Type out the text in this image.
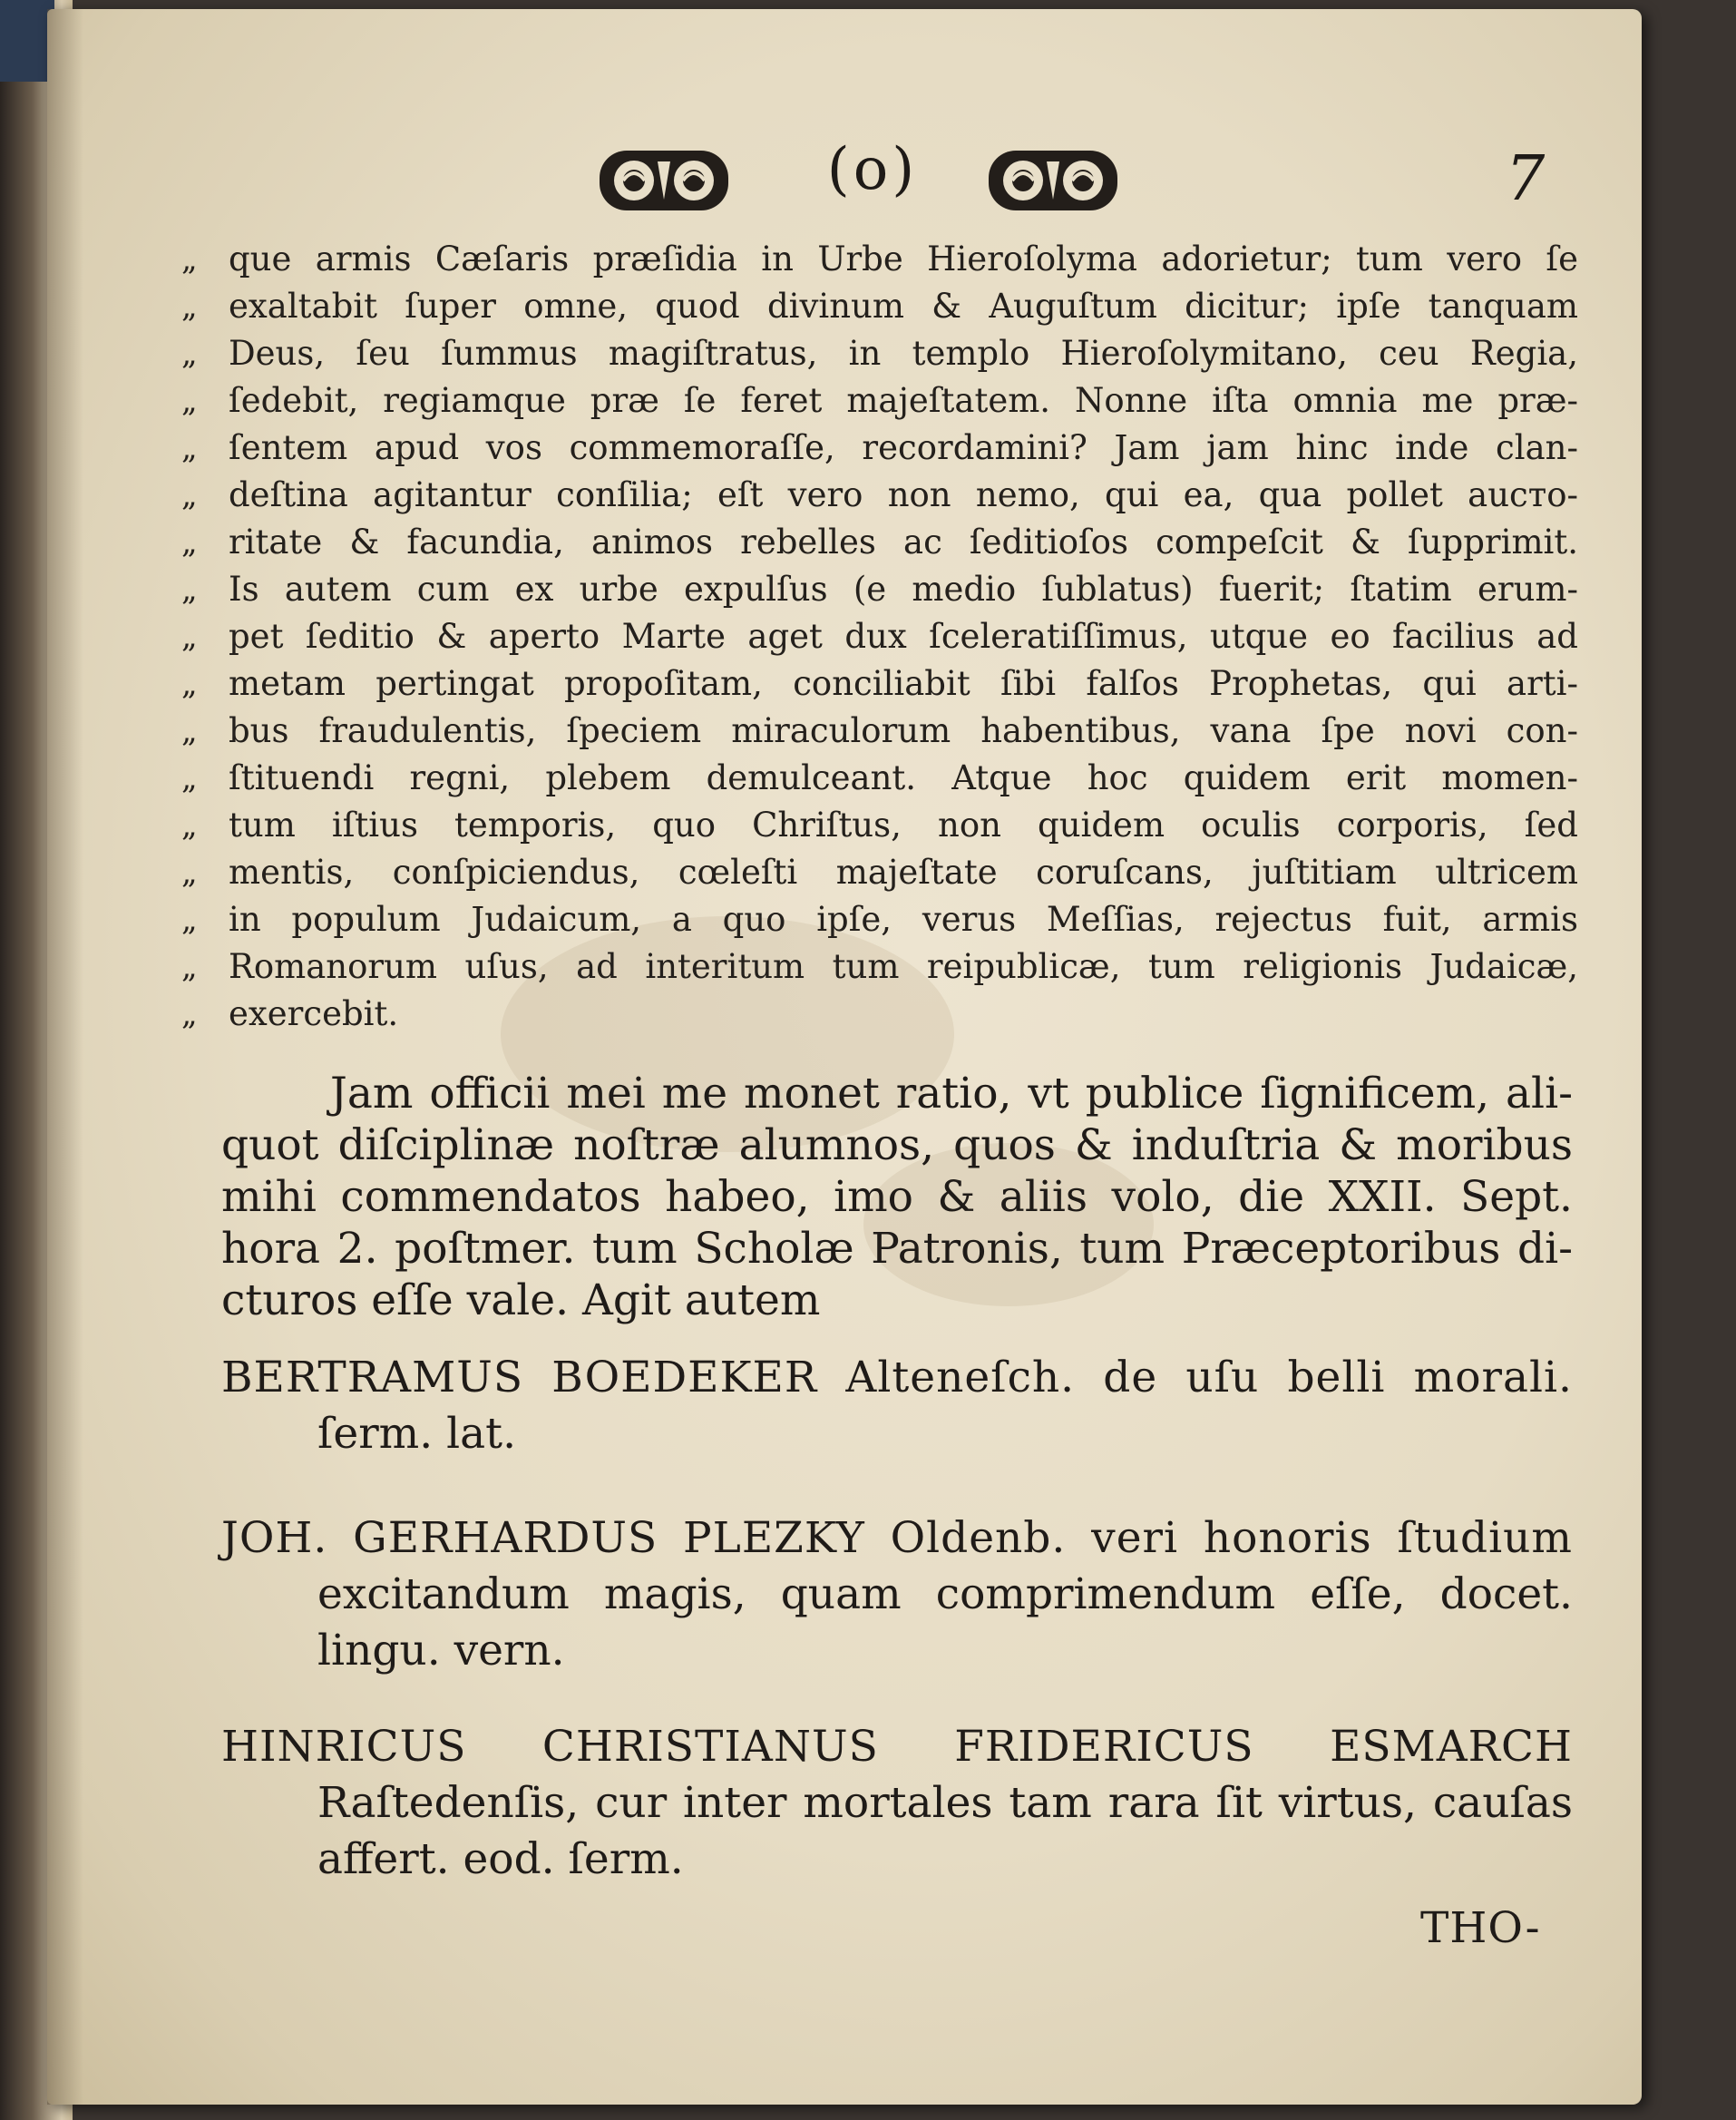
(o)	7
„ que armis Cæſaris præſidia in Urbe Hieroſolyma adorietur; tum vero ſe
„ exaltabit ſuper omne, quod divinum & Auguſtum dicitur; ipſe tanquam
„ Deus, ſeu ſummus magiſtratus, in templo Hieroſolymitano, ceu Regia,
„ ſedebit, regiamque præ ſe feret majeſtatem. Nonne iſta omnia me præ-
„ ſentem apud vos commemoraſſe, recordamini? Jam jam hinc inde clan-
„ deſtina agitantur conſilia; eſt vero non nemo, qui ea, qua pollet auсто-
„ ritate & facundia, animos rebelles ac ſeditioſos compeſcit & ſupprimit.
„ Is autem cum ex urbe expulſus (e medio ſublatus) fuerit; ſtatim erum-
„ pet ſeditio & aperto Marte aget dux ſceleratiſſimus, utque eo facilius ad
„ metam pertingat propoſitam, conciliabit ſibi falſos Prophetas, qui arti-
„ bus fraudulentis, ſpeciem miraculorum habentibus, vana ſpe novi con-
„ ſtituendi regni, plebem demulceant. Atque hoc quidem erit momen-
„ tum iſtius temporis, quo Chriſtus, non quidem oculis corporis, ſed
„ mentis, conſpiciendus, cœleſti majeſtate coruſcans, juſtitiam ultricem
„ in populum Judaicum, a quo ipſe, verus Meſſias, rejectus fuit, armis
„ Romanorum uſus, ad interitum tum reipublicæ, tum religionis Judaicæ,
„ exercebit.
Jam officii mei me monet ratio, vt publice ſignificem, ali-
quot diſciplinæ noſtræ alumnos, quos & induſtria & moribus
mihi commendatos habeo, imo & aliis volo, die XXII. Sept.
hora 2. poſtmer. tum Scholæ Patronis, tum Præceptoribus di-
cturos eſſe vale. Agit autem
BERTRAMUS BOEDEKER Alteneſch. de uſu belli morali.
ſerm. lat.
JOH. GERHARDUS PLEZKY Oldenb. veri honoris ſtudium
excitandum magis, quam comprimendum eſſe, docet.
lingu. vern.
HINRICUS CHRISTIANUS FRIDERICUS ESMARCH
Raſtedenſis, cur inter mortales tam rara ſit virtus, cauſas
affert. eod. ſerm.
THO-
